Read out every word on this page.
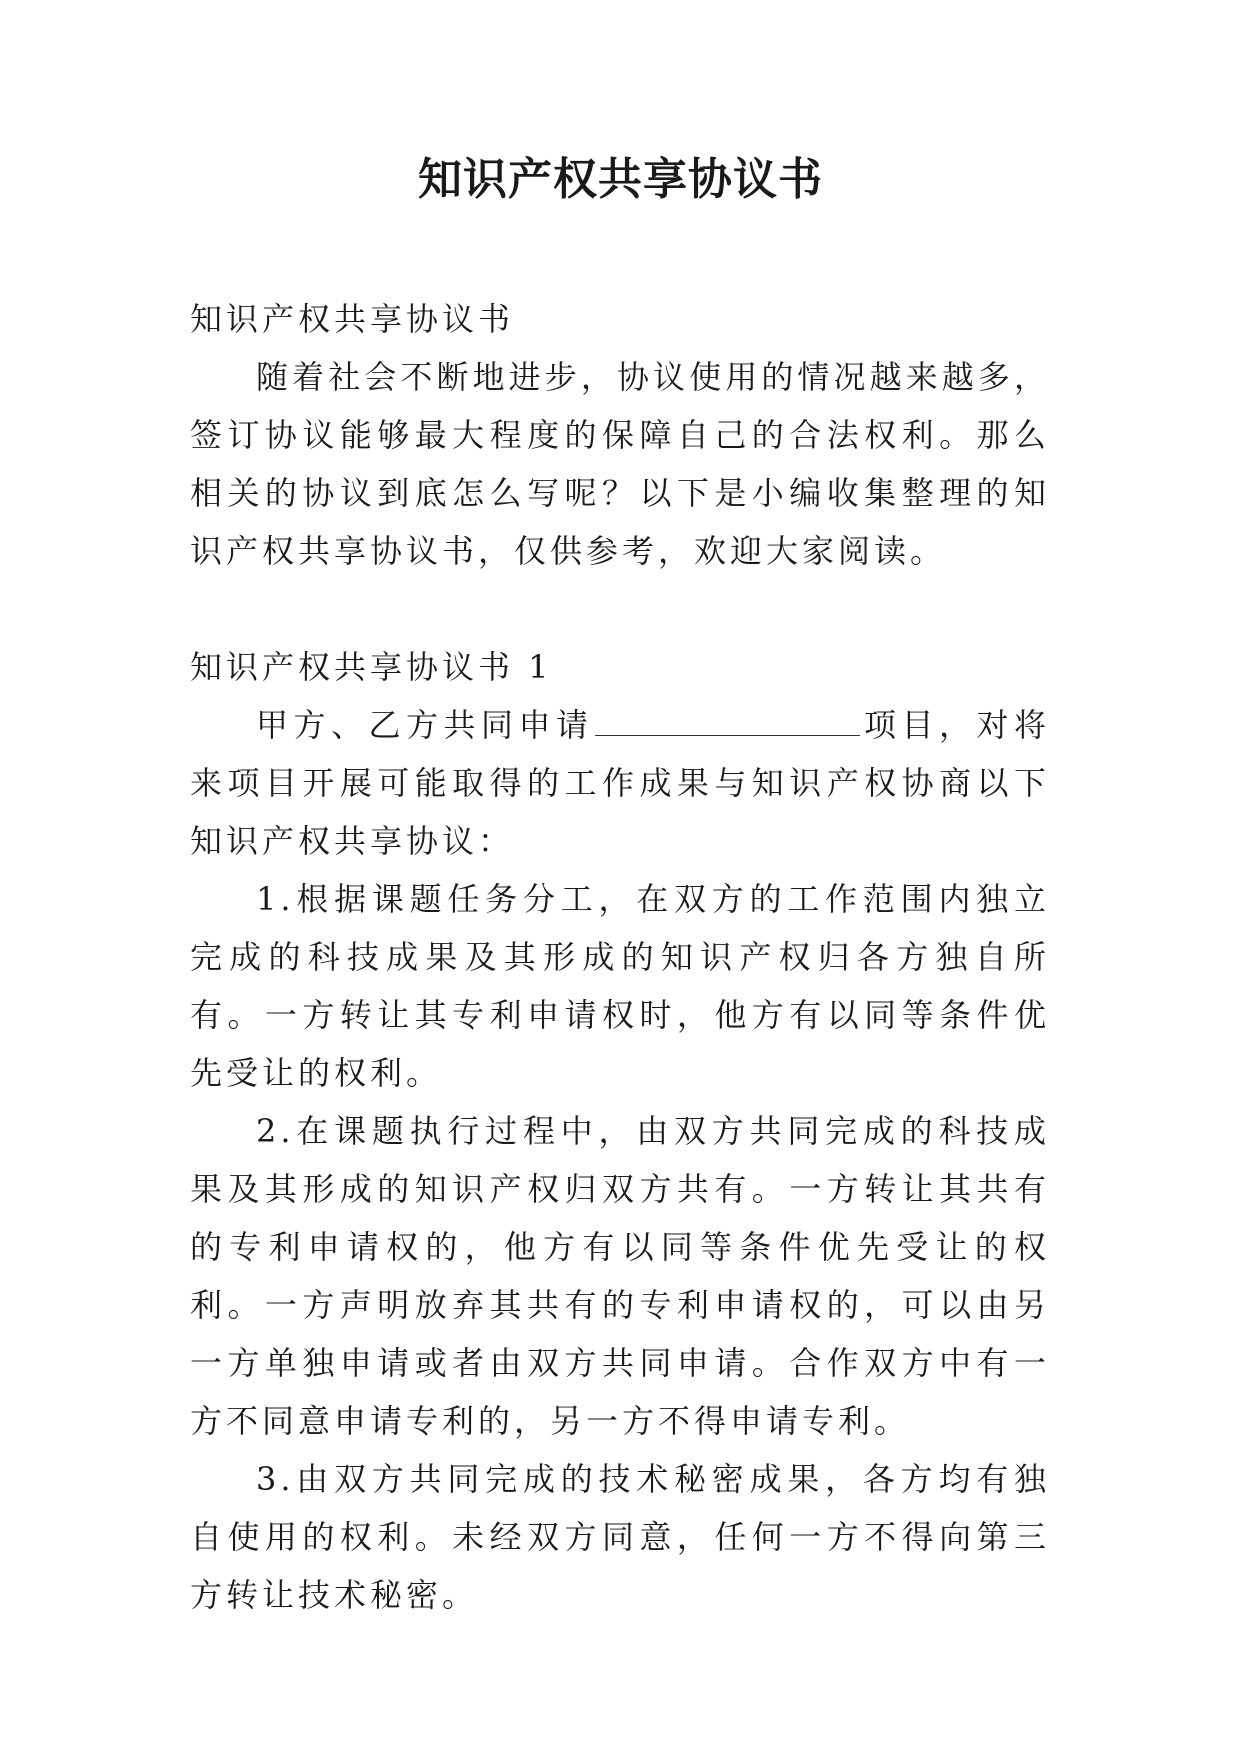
知识产权共享协议书

知识产权共享协议书

随着社会不断地进步，协议使用的情况越来越多，签订协议能够最大程度的保障自己的合法权利。那么相关的协议到底怎么写呢？以下是小编收集整理的知识产权共享协议书，仅供参考，欢迎大家阅读。

知识产权共享协议书 1

甲方、乙方共同申请	项目，对将来项目开展可能取得的工作成果与知识产权协商以下知识产权共享协议：

1.根据课题任务分工，在双方的工作范围内独立完成的科技成果及其形成的知识产权归各方独自所有。一方转让其专利申请权时，他方有以同等条件优先受让的权利。

2.在课题执行过程中，由双方共同完成的科技成果及其形成的知识产权归双方共有。一方转让其共有的专利申请权的，他方有以同等条件优先受让的权利。一方声明放弃其共有的专利申请权的，可以由另一方单独申请或者由双方共同申请。合作双方中有一方不同意申请专利的，另一方不得申请专利。

3.由双方共同完成的技术秘密成果，各方均有独自使用的权利。未经双方同意，任何一方不得向第三方转让技术秘密。
